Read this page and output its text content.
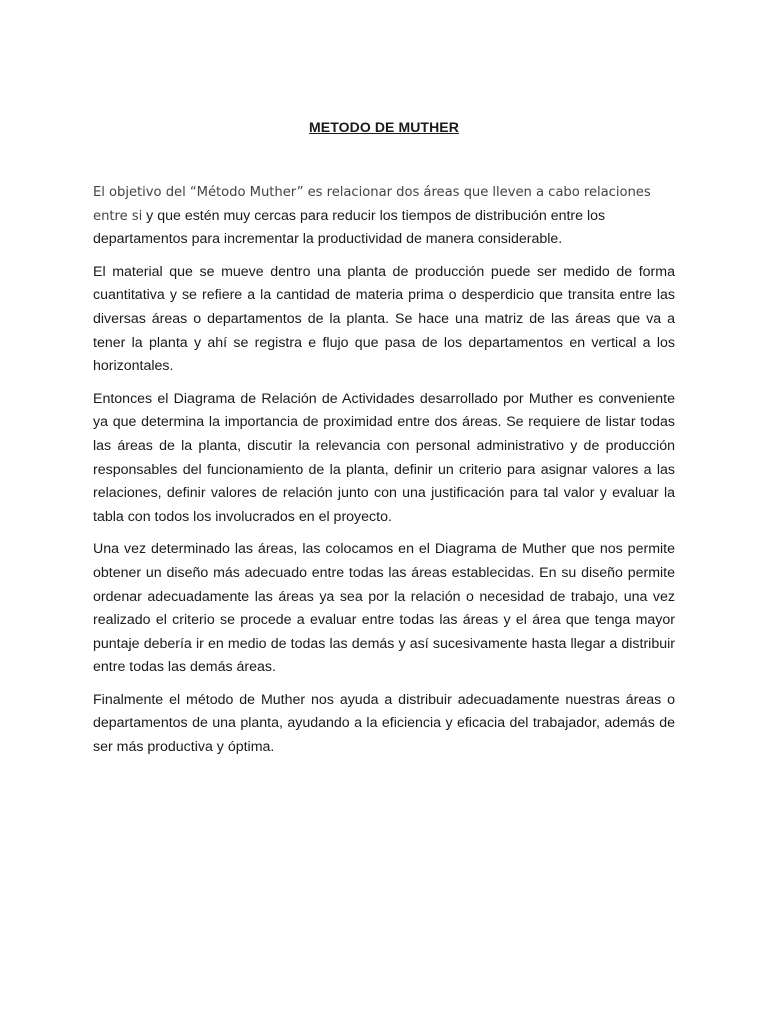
METODO DE MUTHER

El objetivo del “Método Muther” es relacionar dos áreas que lleven a cabo relaciones entre si y que estén muy cercas para reducir los tiempos de distribución entre los departamentos para incrementar la productividad de manera considerable.

El material que se mueve dentro una planta de producción puede ser medido de forma cuantitativa y se refiere a la cantidad de materia prima o desperdicio que transita entre las diversas áreas o departamentos de la planta. Se hace una matriz de las áreas que va a tener la planta y ahí se registra e flujo que pasa de los departamentos en vertical a los horizontales.

Entonces el Diagrama de Relación de Actividades desarrollado por Muther es conveniente ya que determina la importancia de proximidad entre dos áreas. Se requiere de listar todas las áreas de la planta, discutir la relevancia con personal administrativo y de producción responsables del funcionamiento de la planta, definir un criterio para asignar valores a las relaciones, definir valores de relación junto con una justificación para tal valor y evaluar la tabla con todos los involucrados en el proyecto.

Una vez determinado las áreas, las colocamos en el Diagrama de Muther que nos permite obtener un diseño más adecuado entre todas las áreas establecidas. En su diseño permite ordenar adecuadamente las áreas ya sea por la relación o necesidad de trabajo, una vez realizado el criterio se procede a evaluar entre todas las áreas y el área que tenga mayor puntaje debería ir en medio de todas las demás y así sucesivamente hasta llegar a distribuir entre todas las demás áreas.

Finalmente el método de Muther nos ayuda a distribuir adecuadamente nuestras áreas o departamentos de una planta, ayudando a la eficiencia y eficacia del trabajador, además de ser más productiva y óptima.
